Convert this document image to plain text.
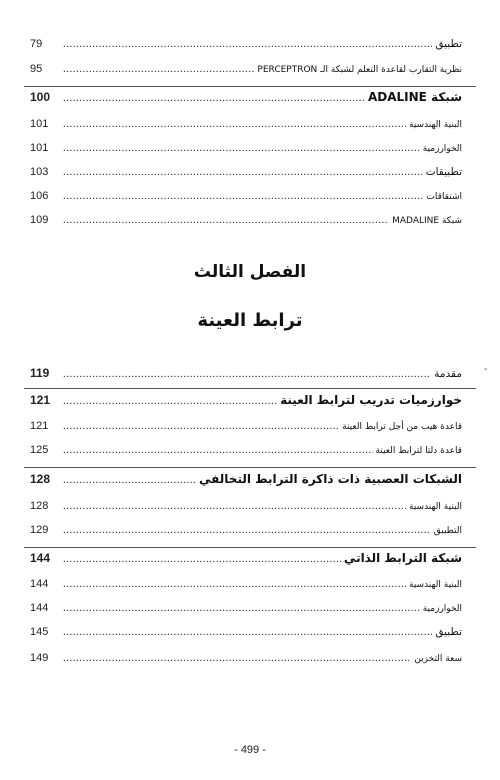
79 .....	تطبيق
95 .....	نظرية التقارب لقاعدة التعلم لشبكة الـ PERCEPTRON
100 .....	شبكة ADALINE
101 .....	البنية الهندسية
101 .....	الخوارزمية
103 .....	تطبيقات
106 .....	اشتقاقات
109 .....	شبكة MADALINE
الفصل الثالث
ترابط العينة
119 .....	مقدمة
121 .....	خوارزميات تدريب لترابط العينة
121 .....	قاعدة هيب من أجل ترابط العينة
125 .....	قاعدة دلتا لترابط العينة
128 .....	الشبكات العصبية ذات ذاكرة الترابط التخالفي
128 .....	البنية الهندسية
129 .....	التطبيق
144 .....	شبكة الترابط الذاتي
144 .....	البنية الهندسية
144 .....	الخوارزمية
145 .....	تطبيق
149 .....	سعة التخزين
-
- 499 -
